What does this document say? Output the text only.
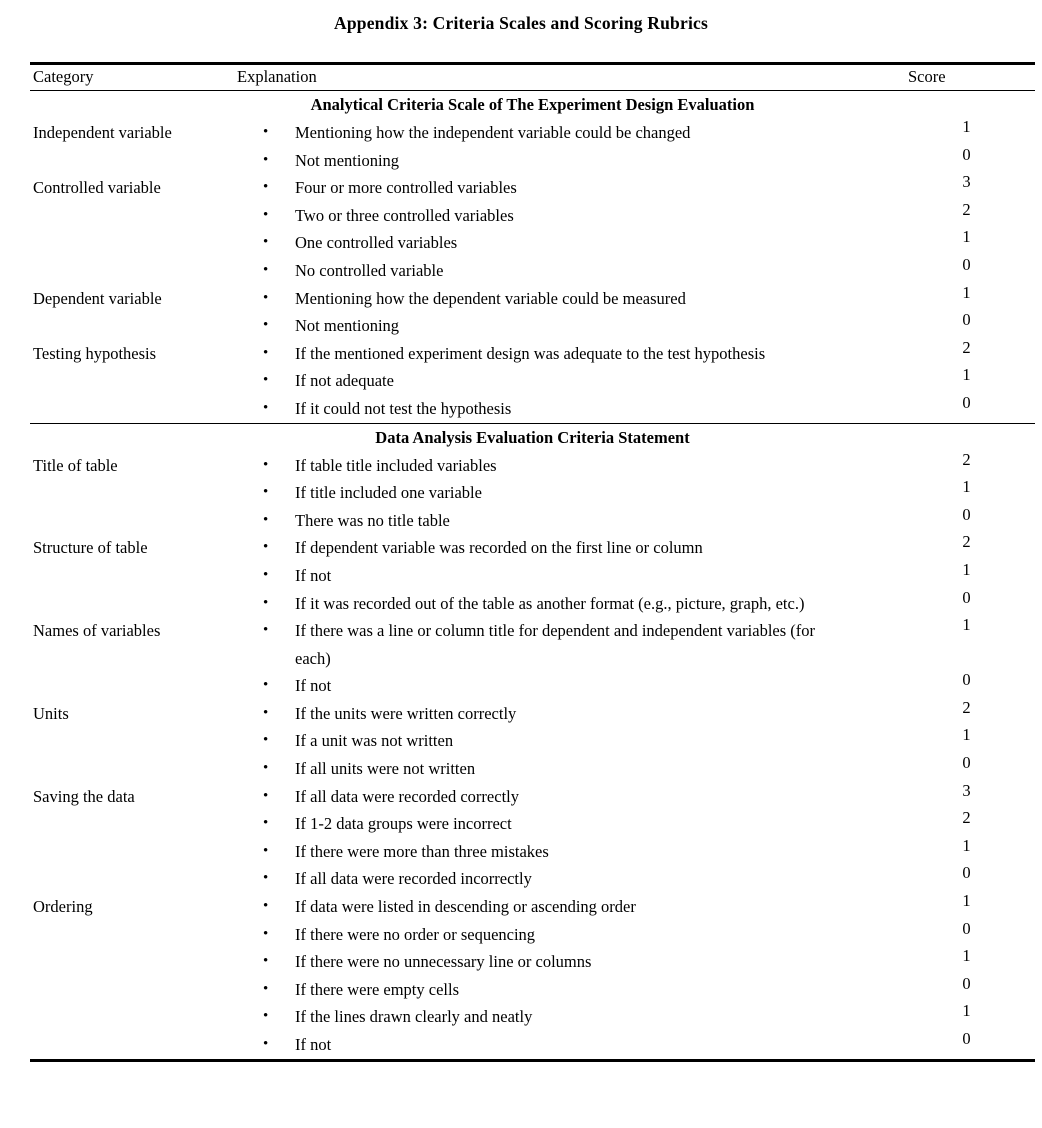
Appendix 3: Criteria Scales and Scoring Rubrics
Category	Explanation	Score
Analytical Criteria Scale of The Experiment Design Evaluation		
Independent variable	• Mentioning how the independent variable could be changed	1

	• Not mentioning	0
Controlled variable	• Four or more controlled variables	3

	• Two or three controlled variables	2

	• One controlled variables	1

	• No controlled variable	0
Dependent variable	• Mentioning how the dependent variable could be measured	1

	• Not mentioning	0
Testing hypothesis	• If the mentioned experiment design was adequate to the test hypothesis	2

	• If not adequate	1

	• If it could not test the hypothesis	0
Data Analysis Evaluation Criteria Statement		
Title of table	• If table title included variables	2

	• If title included one variable	1

	• There was no title table	0
Structure of table	• If dependent variable was recorded on the first line or column	2

	• If not	1

	• If it was recorded out of the table as another format (e.g., picture, graph, etc.)	0
Names of variables	• If there was a line or column title for dependent and independent variables (for each)	1

	• If not	0
Units	• If the units were written correctly	2

	• If a unit was not written	1

	• If all units were not written	0
Saving the data	• If all data were recorded correctly	3

	• If 1-2 data groups were incorrect	2

	• If there were more than three mistakes	1

	• If all data were recorded incorrectly	0
Ordering	• If data were listed in descending or ascending order	1

	• If there were no order or sequencing	0

	• If there were no unnecessary line or columns	1

	• If there were empty cells	0

	• If the lines drawn clearly and neatly	1

	• If not	0
